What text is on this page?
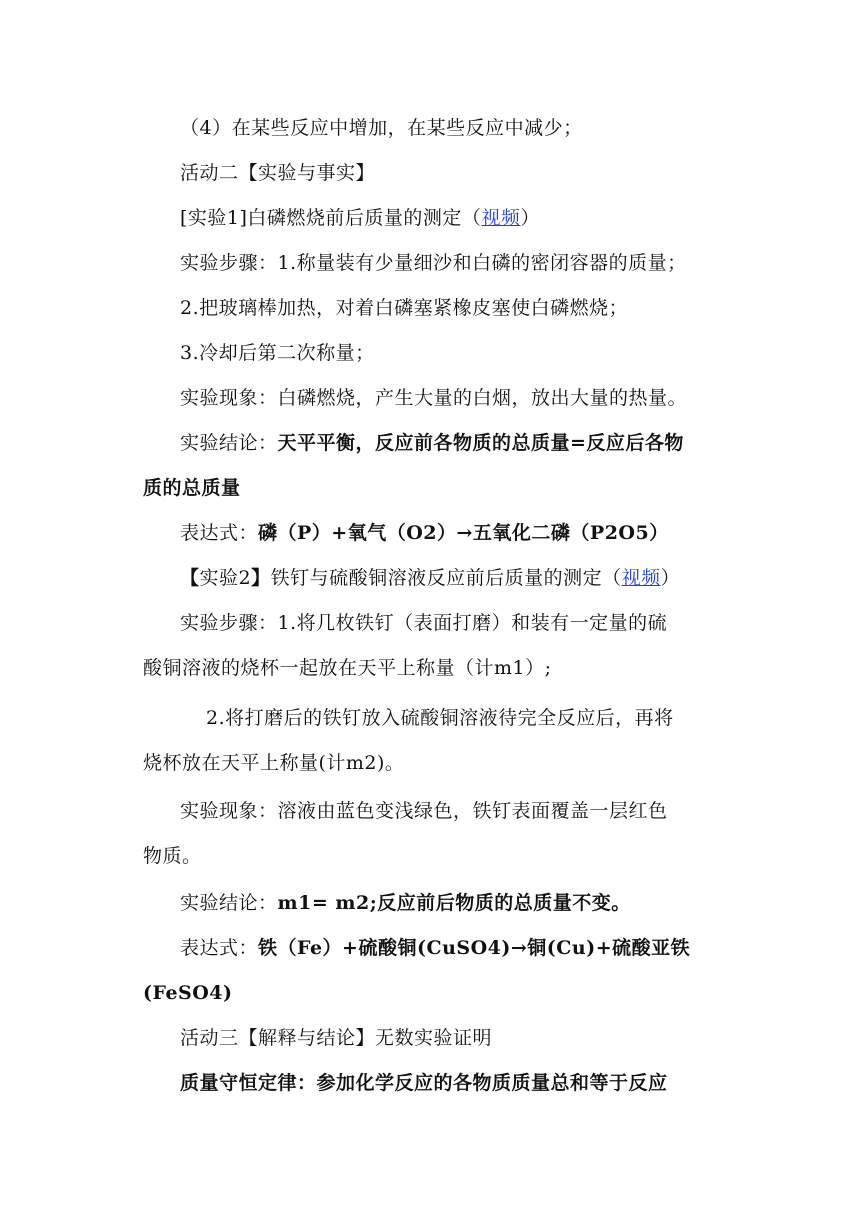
（4）在某些反应中增加，在某些反应中减少；
活动二【实验与事实】
[实验1]白磷燃烧前后质量的测定（视频）
实验步骤：1.称量装有少量细沙和白磷的密闭容器的质量；
2.把玻璃棒加热，对着白磷塞紧橡皮塞使白磷燃烧；
3.冷却后第二次称量；
实验现象：白磷燃烧，产生大量的白烟，放出大量的热量。
实验结论：天平平衡，反应前各物质的总质量=反应后各物
质的总质量
表达式：磷（P）+氧气（O2）→五氧化二磷（P2O5）
【实验2】铁钉与硫酸铜溶液反应前后质量的测定（视频）
实验步骤：1.将几枚铁钉（表面打磨）和装有一定量的硫
酸铜溶液的烧杯一起放在天平上称量（计m1）;
2.将打磨后的铁钉放入硫酸铜溶液待完全反应后，再将
烧杯放在天平上称量(计m2)。
实验现象：溶液由蓝色变浅绿色，铁钉表面覆盖一层红色
物质。
实验结论：m1= m2;反应前后物质的总质量不变。
表达式：铁（Fe）+硫酸铜(CuSO4)→铜(Cu)+硫酸亚铁
(FeSO4)
活动三【解释与结论】无数实验证明
质量守恒定律：参加化学反应的各物质质量总和等于反应
